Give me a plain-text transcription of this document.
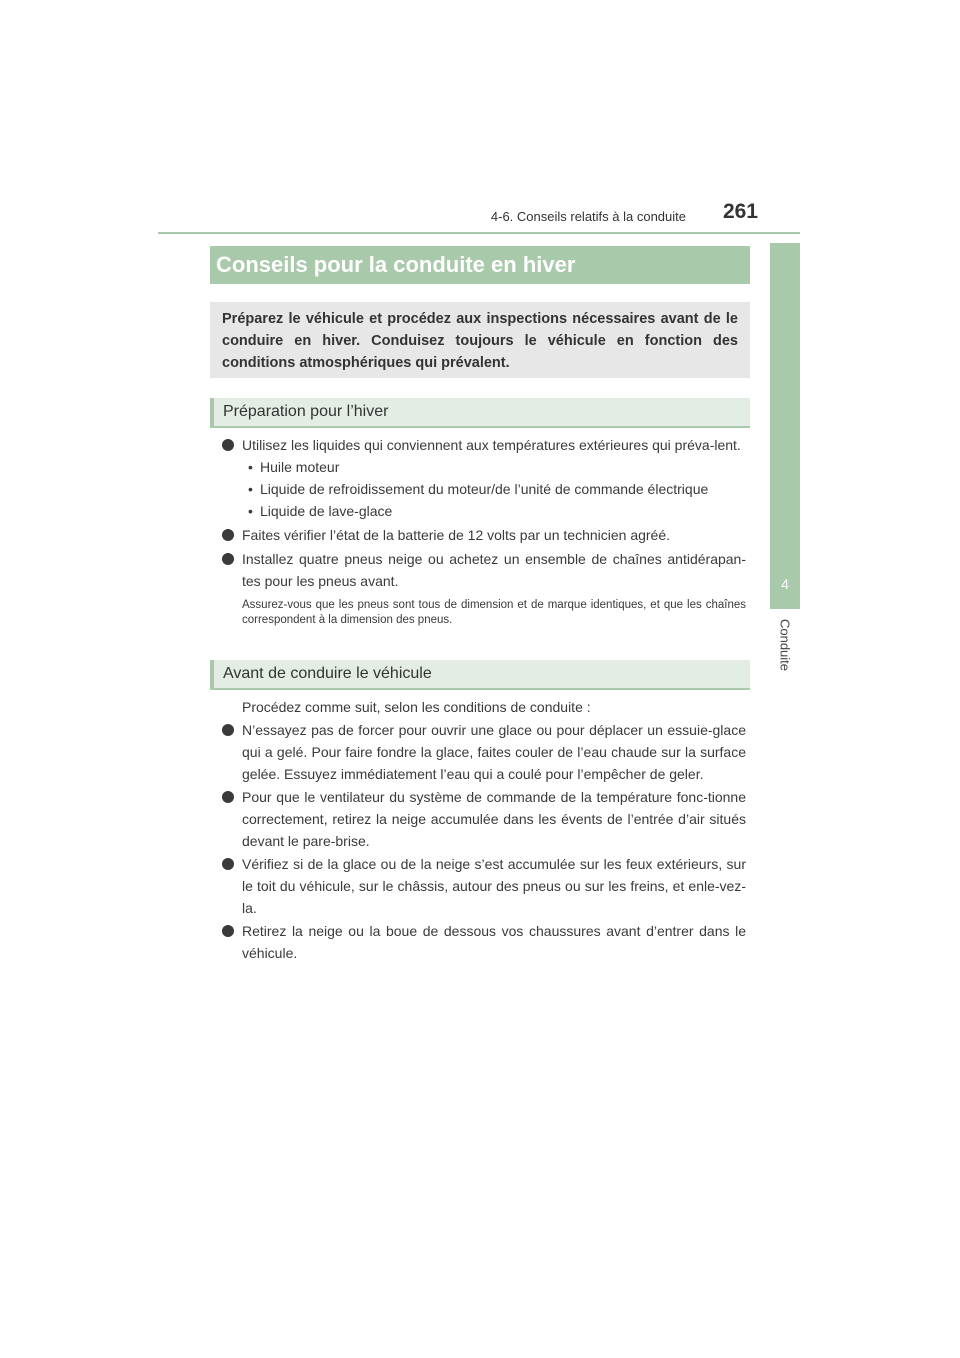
4-6. Conseils relatifs à la conduite 261
4
Conduite
Conseils pour la conduite en hiver
Préparez le véhicule et procédez aux inspections nécessaires avant de le conduire en hiver. Conduisez toujours le véhicule en fonction des conditions atmosphériques qui prévalent.
Préparation pour l’hiver
Utilisez les liquides qui conviennent aux températures extérieures qui préva-lent.
• Huile moteur
• Liquide de refroidissement du moteur/de l’unité de commande électrique
• Liquide de lave-glace
Faites vérifier l’état de la batterie de 12 volts par un technicien agréé.
Installez quatre pneus neige ou achetez un ensemble de chaînes antidérapan-tes pour les pneus avant.
Assurez-vous que les pneus sont tous de dimension et de marque identiques, et que les chaînes correspondent à la dimension des pneus.
Avant de conduire le véhicule
Procédez comme suit, selon les conditions de conduite :
N’essayez pas de forcer pour ouvrir une glace ou pour déplacer un essuie-glace qui a gelé. Pour faire fondre la glace, faites couler de l’eau chaude sur la surface gelée. Essuyez immédiatement l’eau qui a coulé pour l’empêcher de geler.
Pour que le ventilateur du système de commande de la température fonc-tionne correctement, retirez la neige accumulée dans les évents de l’entrée d’air situés devant le pare-brise.
Vérifiez si de la glace ou de la neige s’est accumulée sur les feux extérieurs, sur le toit du véhicule, sur le châssis, autour des pneus ou sur les freins, et enle-vez-la.
Retirez la neige ou la boue de dessous vos chaussures avant d’entrer dans le véhicule.
